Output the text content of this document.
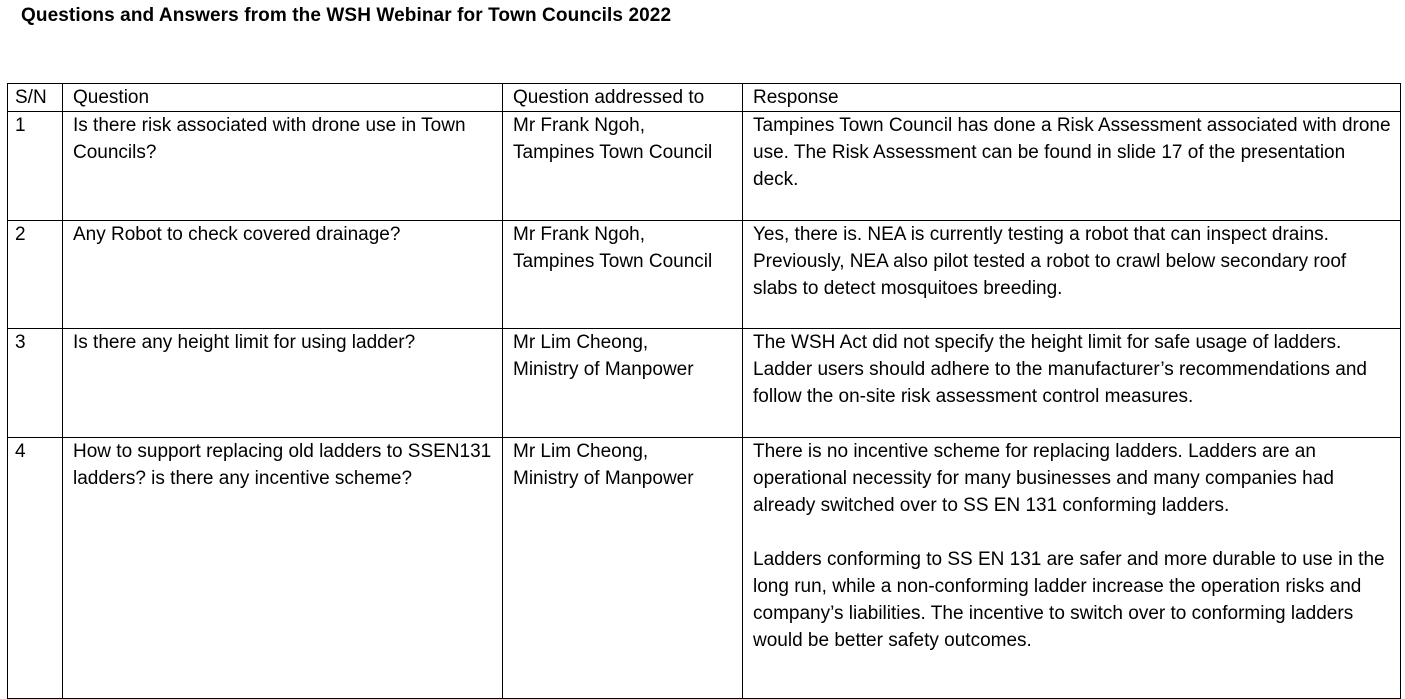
Questions and Answers from the WSH Webinar for Town Councils 2022
S/N	Question	Question addressed to	Response
1	Is there risk associated with drone use in Town Councils?	Mr Frank Ngoh,
Tampines Town Council	Tampines Town Council has done a Risk Assessment associated with drone use. The Risk Assessment can be found in slide 17 of the presentation deck.

2	Any Robot to check covered drainage?	Mr Frank Ngoh,
Tampines Town Council	Yes, there is. NEA is currently testing a robot that can inspect drains. Previously, NEA also pilot tested a robot to crawl below secondary roof slabs to detect mosquitoes breeding.

3	Is there any height limit for using ladder?	Mr Lim Cheong,
Ministry of Manpower	The WSH Act did not specify the height limit for safe usage of ladders. Ladder users should adhere to the manufacturer’s recommendations and follow the on-site risk assessment control measures.

4	How to support replacing old ladders to SSEN131 ladders? is there any incentive scheme?	Mr Lim Cheong,
Ministry of Manpower	There is no incentive scheme for replacing ladders. Ladders are an operational necessity for many businesses and many companies had already switched over to SS EN 131 conforming ladders.
Ladders conforming to SS EN 131 are safer and more durable to use in the long run, while a non-conforming ladder increase the operation risks and company’s liabilities. The incentive to switch over to conforming ladders would be better safety outcomes.
